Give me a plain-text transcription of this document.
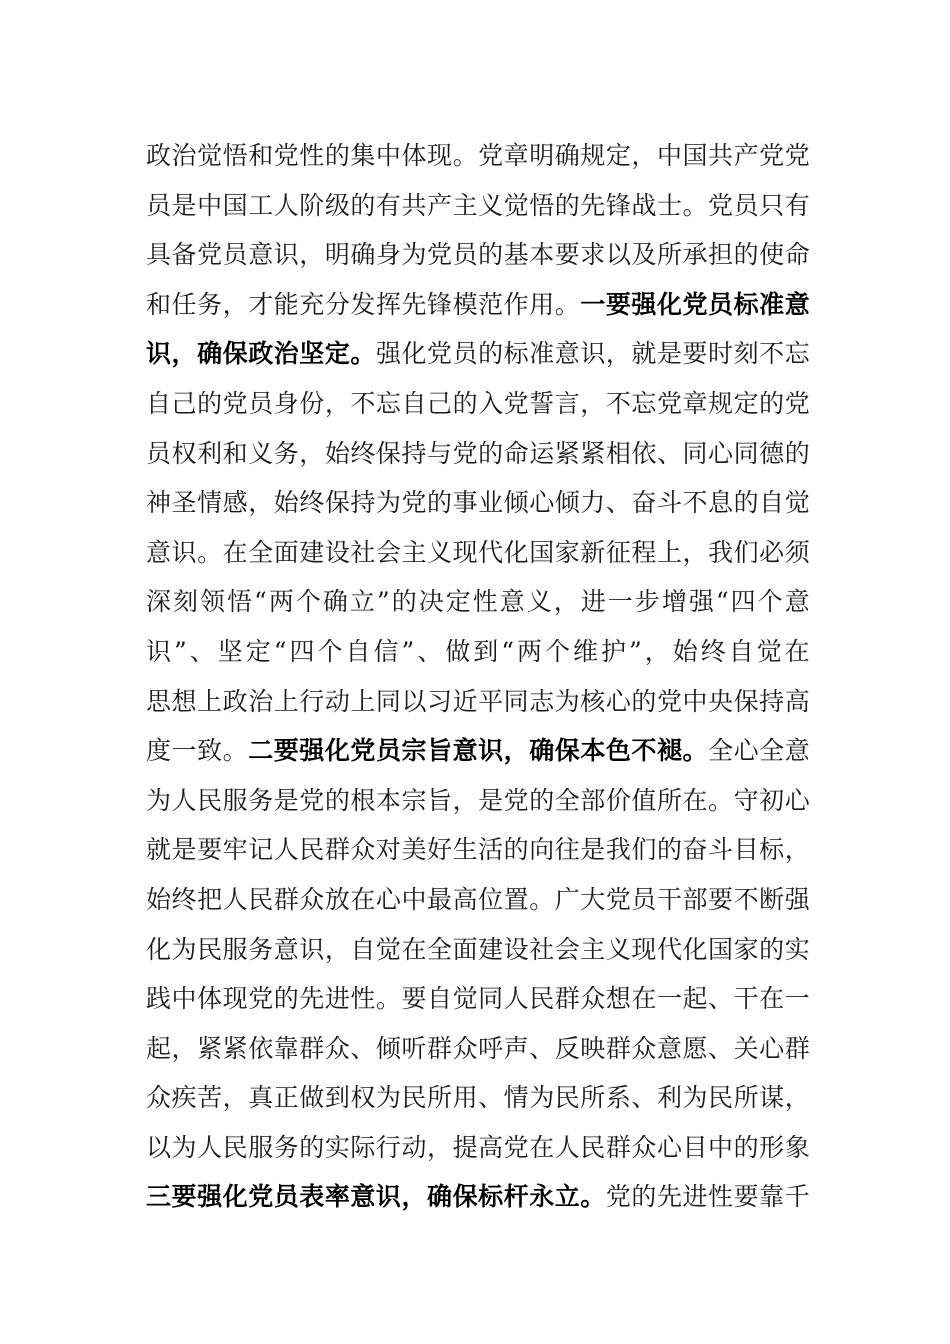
政治觉悟和党性的集中体现。党章明确规定，中国共产党党
员是中国工人阶级的有共产主义觉悟的先锋战士。党员只有
具备党员意识，明确身为党员的基本要求以及所承担的使命
和任务，才能充分发挥先锋模范作用。一要强化党员标准意
识，确保政治坚定。强化党员的标准意识，就是要时刻不忘
自己的党员身份，不忘自己的入党誓言，不忘党章规定的党
员权利和义务，始终保持与党的命运紧紧相依、同心同德的
神圣情感，始终保持为党的事业倾心倾力、奋斗不息的自觉
意识。在全面建设社会主义现代化国家新征程上，我们必须
深刻领悟“两个确立”的决定性意义，进一步增强“四个意
识”、坚定“四个自信”、做到“两个维护”，始终自觉在
思想上政治上行动上同以习近平同志为核心的党中央保持高
度一致。二要强化党员宗旨意识，确保本色不褪。全心全意
为人民服务是党的根本宗旨，是党的全部价值所在。守初心
就是要牢记人民群众对美好生活的向往是我们的奋斗目标，
始终把人民群众放在心中最高位置。广大党员干部要不断强
化为民服务意识，自觉在全面建设社会主义现代化国家的实
践中体现党的先进性。要自觉同人民群众想在一起、干在一
起，紧紧依靠群众、倾听群众呼声、反映群众意愿、关心群
众疾苦，真正做到权为民所用、情为民所系、利为民所谋，
以为人民服务的实际行动，提高党在人民群众心目中的形象
三要强化党员表率意识，确保标杆永立。党的先进性要靠千
